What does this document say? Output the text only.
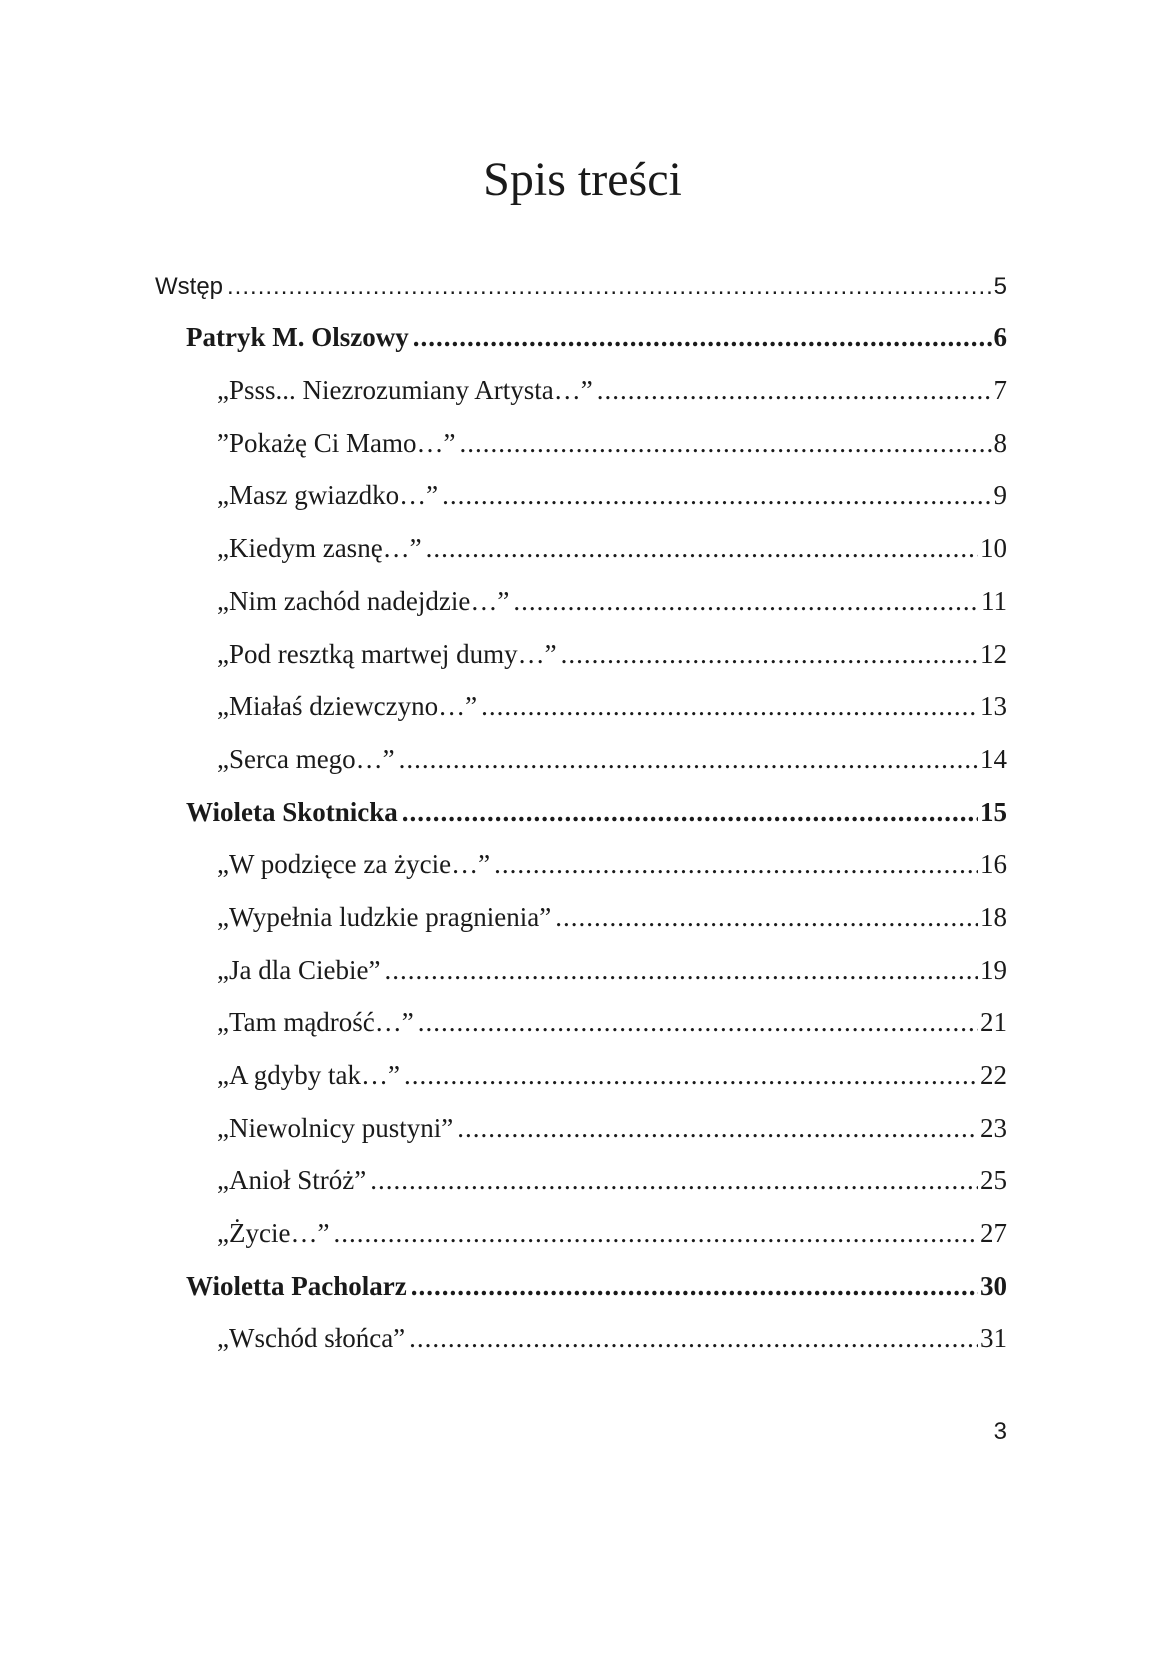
Spis treści
Wstęp .....	5
Patryk M. Olszowy .....	6
„Psss... Niezrozumiany Artysta…” .....	7
”Pokażę Ci Mamo…” .....	8
„Masz gwiazdko…” .....	9
„Kiedym zasnę…” .....	10
„Nim zachód nadejdzie…” .....	11
„Pod resztką martwej dumy…” .....	12
„Miałaś dziewczyno…” .....	13
„Serca mego…” .....	14
Wioleta Skotnicka .....	15
„W podzięce za życie…” .....	16
„Wypełnia ludzkie pragnienia” .....	18
„Ja dla Ciebie” .....	19
„Tam mądrość…” .....	21
„A gdyby tak…” .....	22
„Niewolnicy pustyni” .....	23
„Anioł Stróż” .....	25
„Życie…” .....	27
Wioletta Pacholarz .....	30
„Wschód słońca” .....	31

3
